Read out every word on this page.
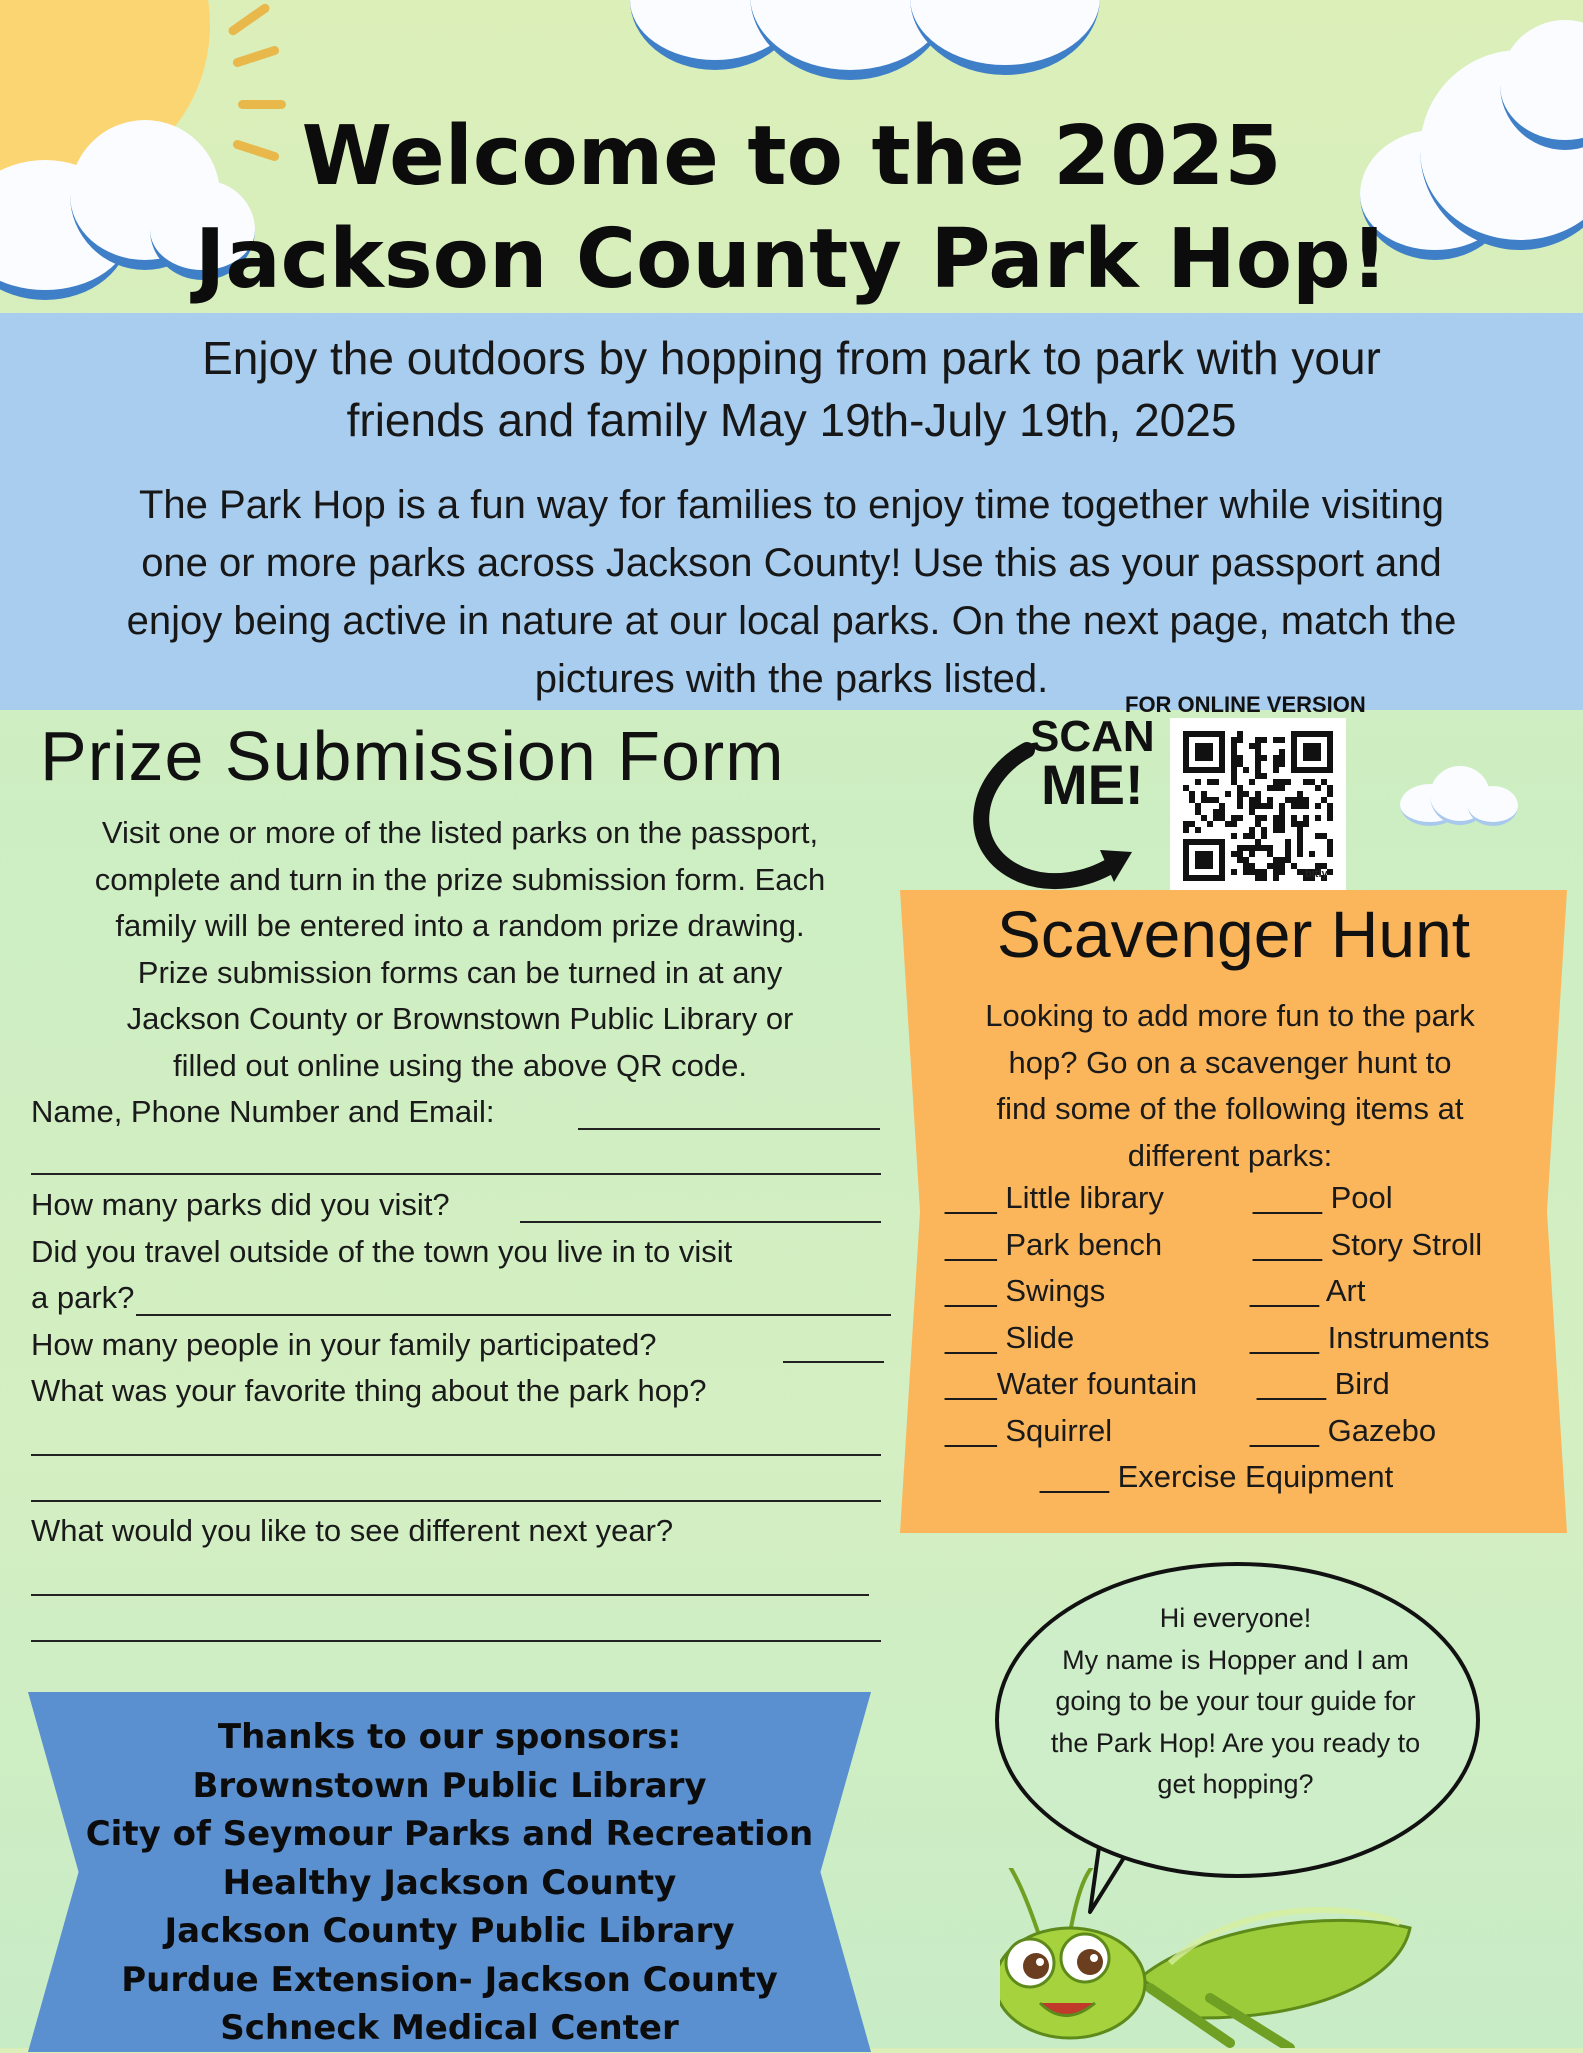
Welcome to the 2025
Jackson County Park Hop!
Enjoy the outdoors by hopping from park to park with your
friends and family May 19th-July 19th, 2025
The Park Hop is a fun way for families to enjoy time together while visiting
one or more parks across Jackson County! Use this as your passport and
enjoy being active in nature at our local parks. On the next page, match the
pictures with the parks listed.
Prize Submission Form
Visit one or more of the listed parks on the passport,
complete and turn in the prize submission form. Each
family will be entered into a random prize drawing.
Prize submission forms can be turned in at any
Jackson County or Brownstown Public Library or
filled out online using the above QR code.
Name, Phone Number and Email:
How many parks did you visit?
Did you travel outside of the town you live in to visit
a park?
How many people in your family participated?
What was your favorite thing about the park hop?
What would you like to see different next year?
FOR ONLINE VERSION
SCAN
ME!
bitly
Scavenger Hunt
Looking to add more fun to the park
hop? Go on a scavenger hunt to
find some of the following items at
different parks:
___ Little library
___ Park bench
___ Swings
___ Slide
___Water fountain
___ Squirrel
____ Pool
____ Story Stroll
____ Art
____ Instruments
____ Bird
____ Gazebo
____ Exercise Equipment
Thanks to our sponsors:
Brownstown Public Library
City of Seymour Parks and Recreation
Healthy Jackson County
Jackson County Public Library
Purdue Extension- Jackson County
Schneck Medical Center
Hi everyone!
My name is Hopper and I am
going to be your tour guide for
the Park Hop! Are you ready to
get hopping?
